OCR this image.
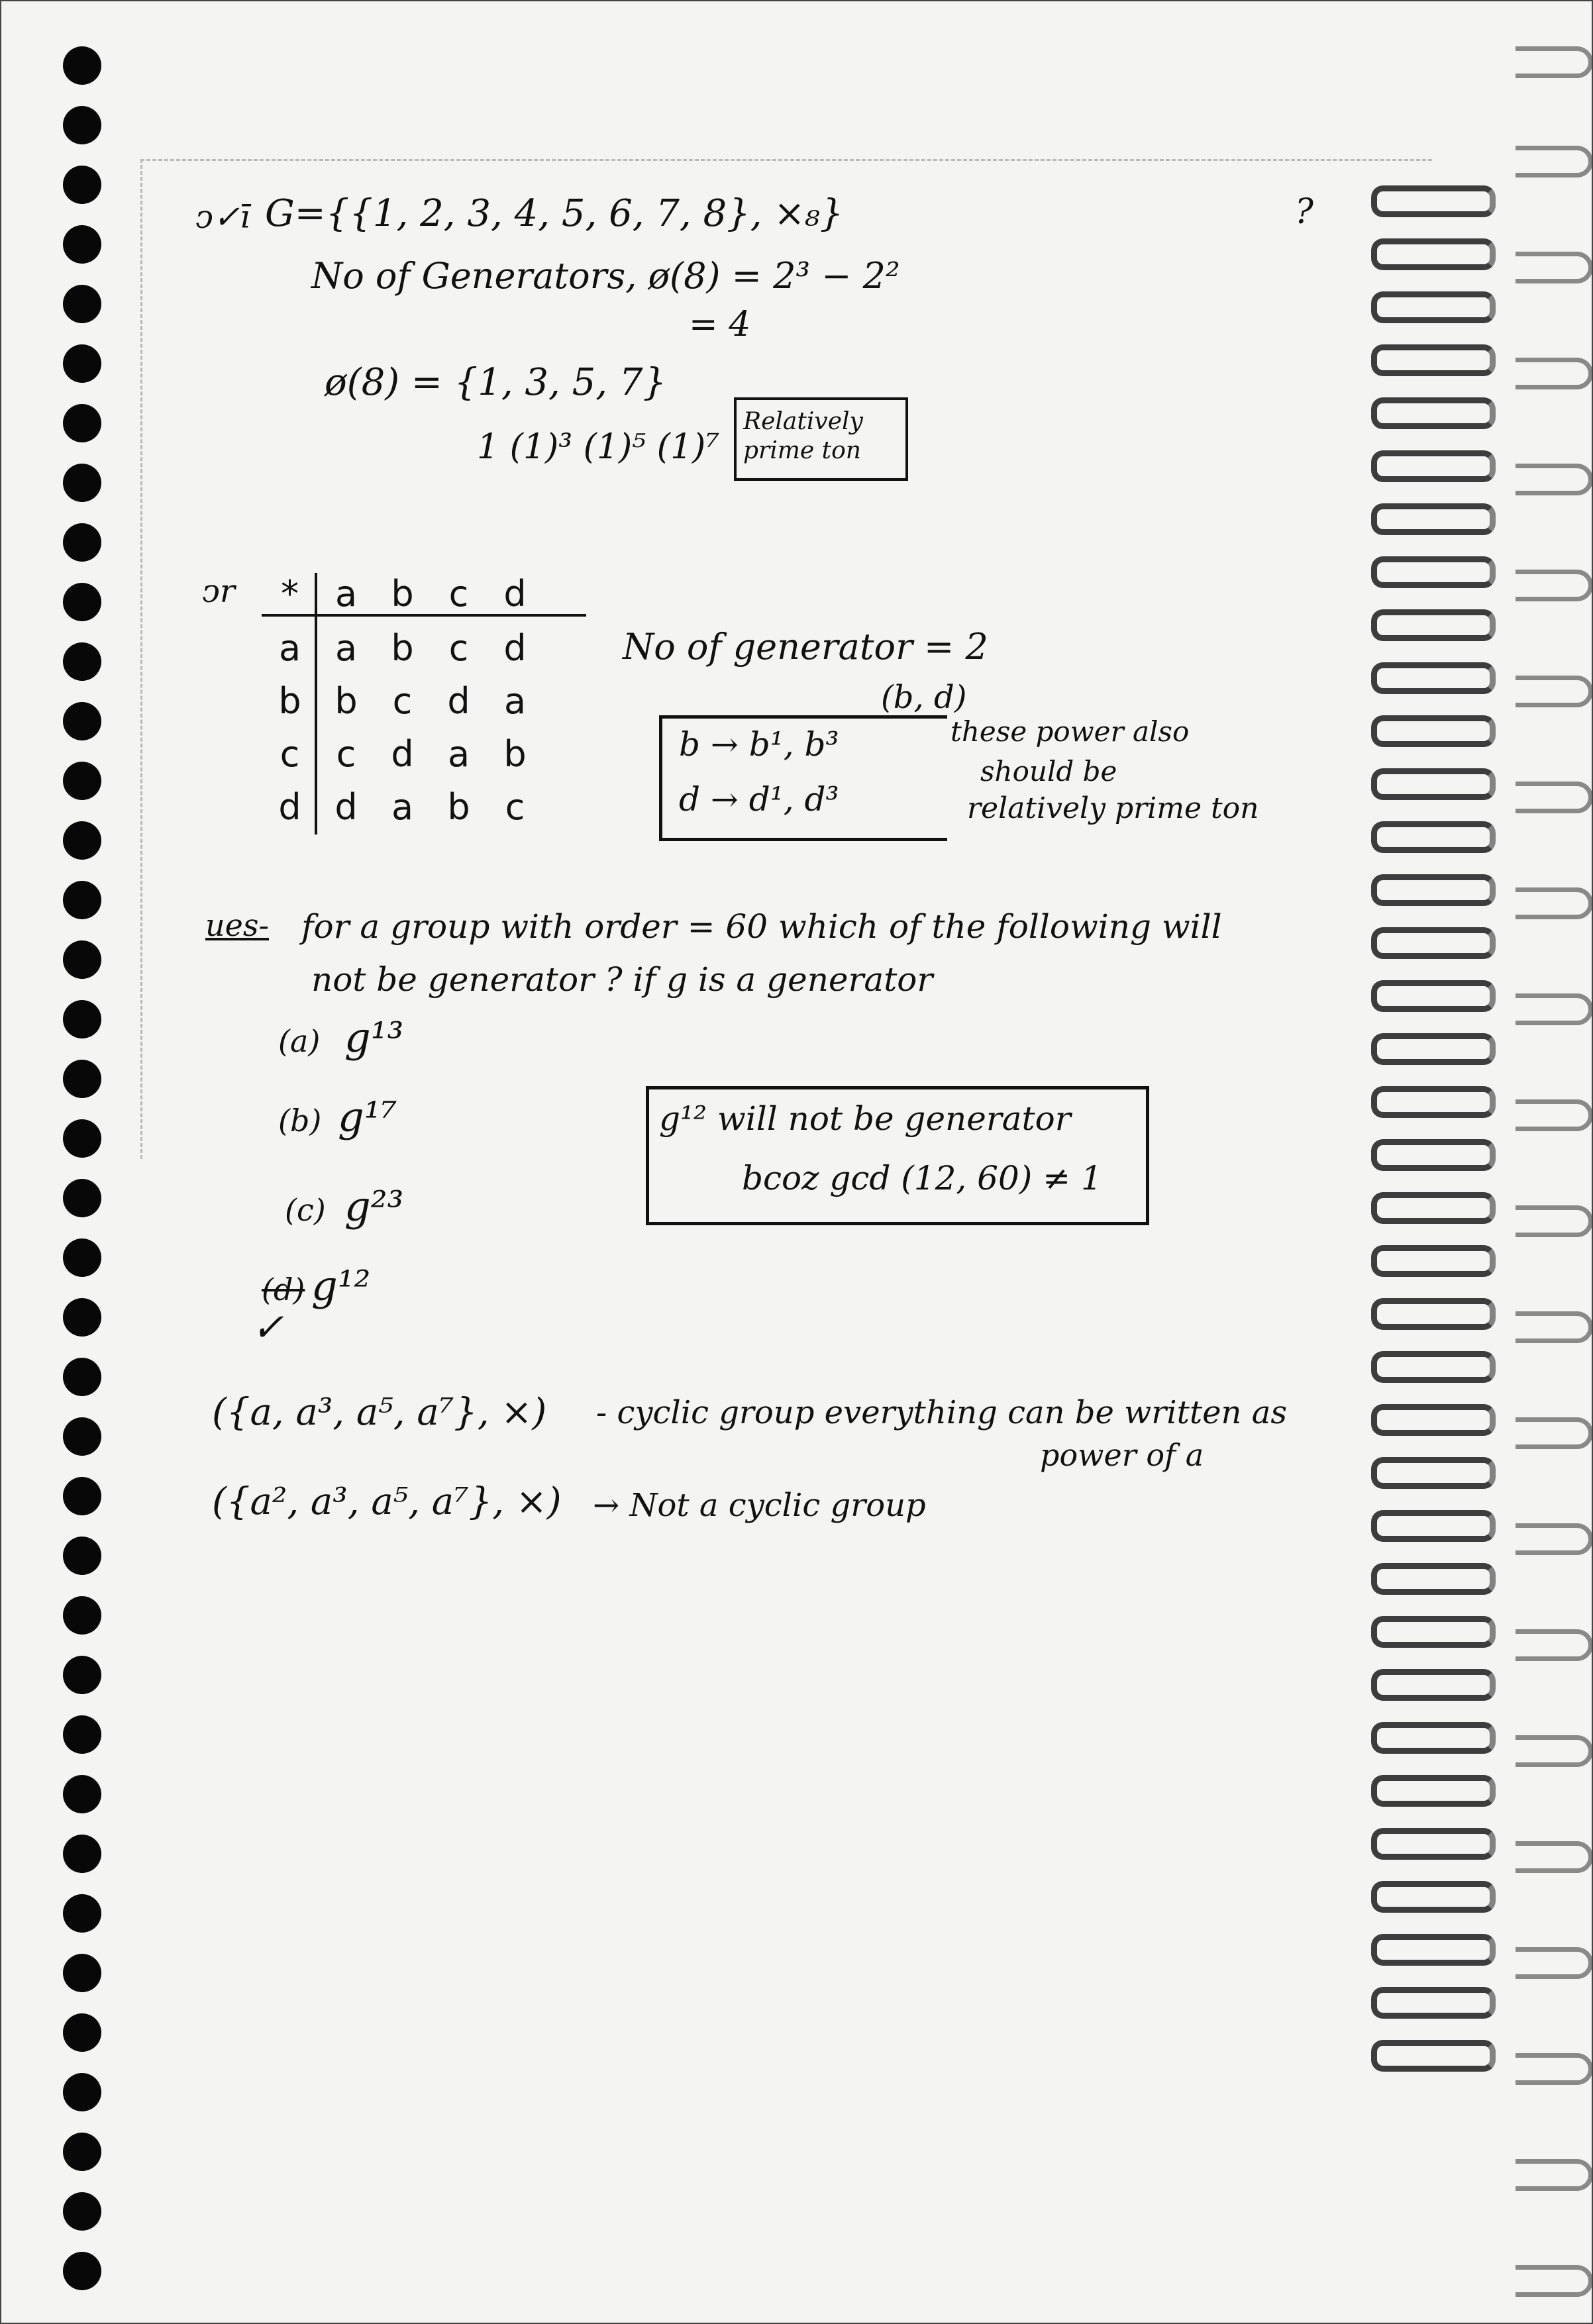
?
ↄ✓ī G={{1, 2, 3, 4, 5, 6, 7, 8}, ×₈}
No of Generators, ø(8) = 2³ − 2²
= 4
ø(8) = {1, 3, 5, 7}
1 (1)³ (1)⁵ (1)⁷
Relatively prime ton
ↄr	*	a b c d
a a b c d
b b c d a
c	c d a b
d d a b c
No of generator = 2
(b, d)
b → b¹, b³
d → d¹, d³
these power also
should be
relatively prime ton
ues- for a group with order = 60 which of the following will
not be generator ? if g is a generator
(a) g¹³
(b) g¹⁷
(c) g²³
(d) g¹²
✓
g¹² will not be generator
bcoz gcd (12, 60) ≠ 1
({a, a³, a⁵, a⁷}, ×) - cyclic group everything can be written as
power of a
({a², a³, a⁵, a⁷}, ×) → Not a cyclic group
